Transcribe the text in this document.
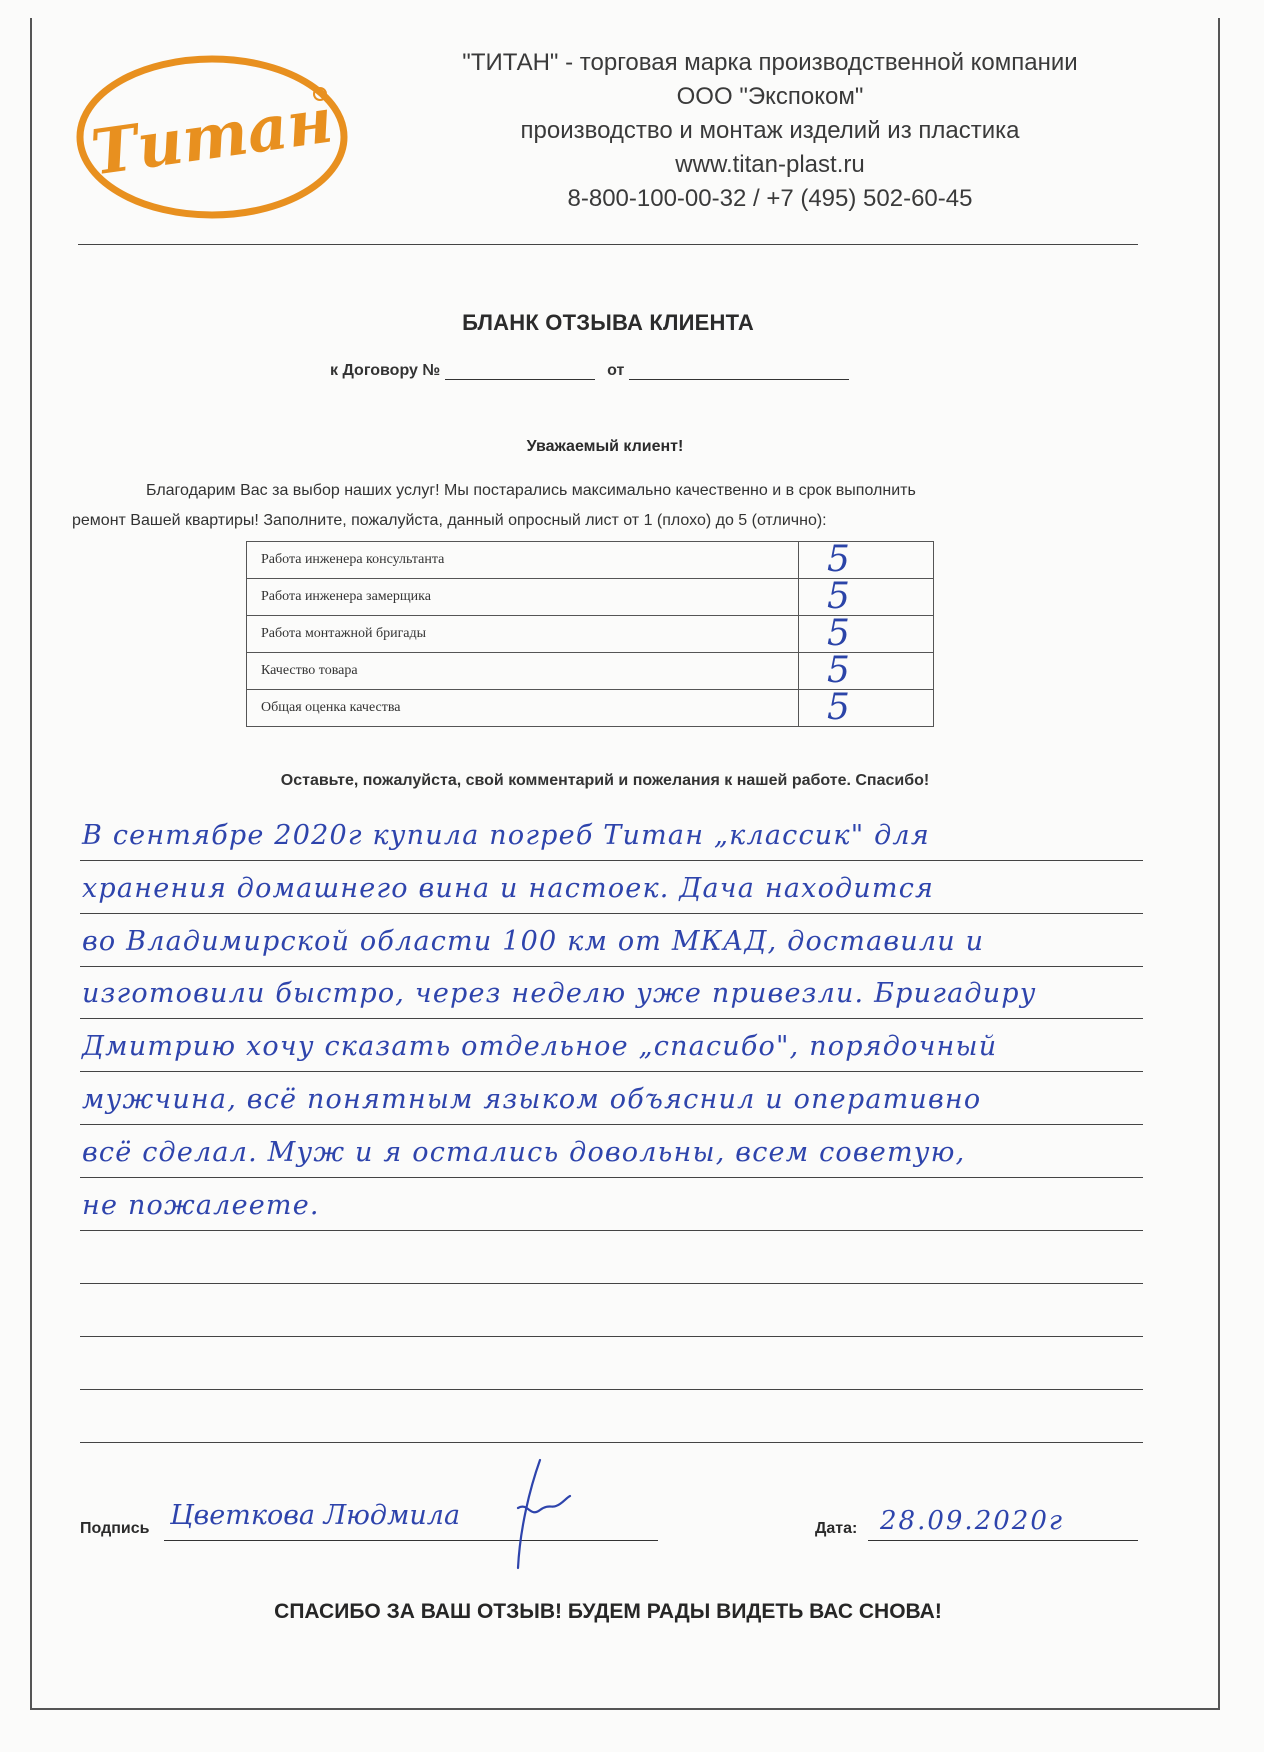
Титан
"ТИТАН" - торговая марка производственной компании
ООО "Экспоком"
производство и монтаж изделий из пластика
www.titan-plast.ru
8-800-100-00-32 / +7 (495) 502-60-45
БЛАНК ОТЗЫВА КЛИЕНТА
к Договору №	от
Уважаемый клиент!
Благодарим Вас за выбор наших услуг! Мы постарались максимально качественно и в срок выполнить
ремонт Вашей квартиры! Заполните, пожалуйста, данный опросный лист от 1 (плохо) до 5 (отлично):
Работа инженера консультанта	5
Работа инженера замерщика	5
Работа монтажной бригады	5
Качество товара	5
Общая оценка качества	5
Оставьте, пожалуйста, свой комментарий и пожелания к нашей работе. Спасибо!
В сентябре 2020г купила погреб Титан „классик" для
хранения домашнего вина и настоек. Дача находится
во Владимирской области 100 км от МКАД, доставили и
изготовили быстро, через неделю уже привезли. Бригадиру
Дмитрию хочу сказать отдельное „спасибо", порядочный
мужчина, всё понятным языком объяснил и оперативно
всё сделал. Муж и я остались довольны, всем советую,
не пожалеете.
Подпись Цветкова Людмила	Дата: 28.09.2020г
СПАСИБО ЗА ВАШ ОТЗЫВ! БУДЕМ РАДЫ ВИДЕТЬ ВАС СНОВА!
